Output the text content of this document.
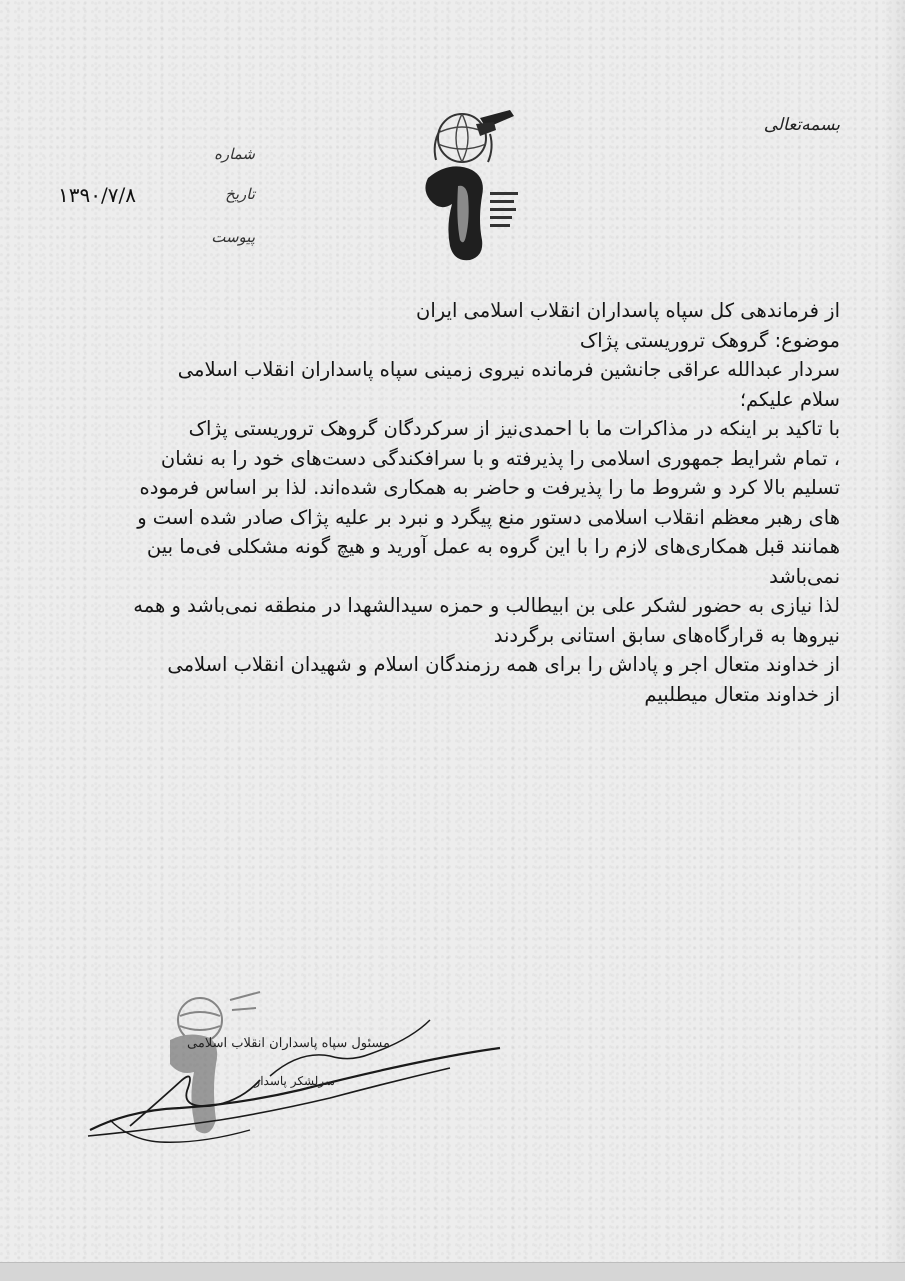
بسمه‌تعالی
شماره
تاریخ
۱۳۹۰/۷/۸
پیوست
از فرماندهی کل سپاه پاسداران انقلاب اسلامی ایران
موضوع: گروهک تروریستی پژاک
سردار عبدالله عراقی جانشین فرمانده نیروی زمینی سپاه پاسداران انقلاب اسلامی
سلام علیکم؛
با تاکید بر اینکه در مذاکرات ما با احمدی‌نیز از سرکردگان گروهک تروریستی پژاک
، تمام شرایط جمهوری اسلامی را پذیرفته و با سرافکندگی دست‌های خود را به نشان
تسلیم بالا کرد و شروط ما را پذیرفت و حاضر به همکاری شده‌اند. لذا بر اساس فرموده
های رهبر معظم انقلاب اسلامی دستور منع پیگرد و نبرد بر علیه پژاک صادر شده است و
همانند قبل همکاری‌های لازم را با این گروه به عمل آورید و هیچ گونه مشکلی فی‌ما بین
نمی‌باشد
لذا نیازی به حضور لشکر علی بن ابیطالب و حمزه سیدالشهدا در منطقه نمی‌باشد و همه
نیروها به قرارگاه‌های سابق استانی برگردند
از خداوند متعال اجر و پاداش را برای همه رزمندگان اسلام و شهیدان انقلاب اسلامی
از خداوند متعال میطلبیم
مسئول سپاه پاسداران انقلاب اسلامی
سرلشکر پاسدار
